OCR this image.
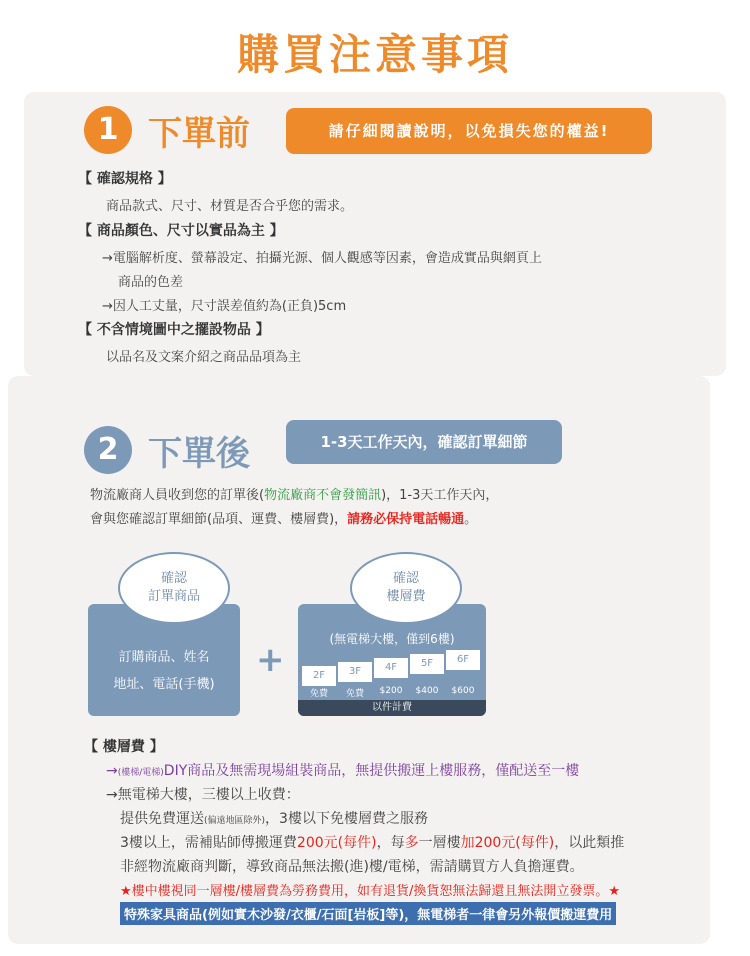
購買注意事項
1 下單前	請仔細閱讀說明，以免損失您的權益!
【 確認規格 】
商品款式、尺寸、材質是否合乎您的需求。
【 商品顏色、尺寸以實品為主 】
→電腦解析度、螢幕設定、拍攝光源、個人觀感等因素，會造成實品與網頁上
商品的色差
→因人工丈量，尺寸誤差值約為(正負)5cm
【 不含情境圖中之擺設物品 】
以品名及文案介紹之商品品項為主
2 下單後	1-3天工作天內，確認訂單細節
物流廠商人員收到您的訂單後(物流廠商不會發簡訊)，1-3天工作天內，
會與您確認訂單細節(品項、運費、樓層費)，請務必保持電話暢通。
確認
訂單商品
訂購商品、姓名
地址、電話(手機)
+
確認
樓層費
(無電梯大樓，僅到6樓)
2F	3F	4F	5F	6F
免費	免費	$200	$400	$600
以件計費
【 樓層費 】
→(樓梯/電梯)DIY商品及無需現場組裝商品，無提供搬運上樓服務，僅配送至一樓
→無電梯大樓，三樓以上收費：
提供免費運送(偏遠地區除外)，3樓以下免樓層費之服務
3樓以上，需補貼師傅搬運費200元(每件)，每多一層樓加200元(每件)，以此類推
非經物流廠商判斷，導致商品無法搬(進)樓/電梯，需請購買方人負擔運費。
★樓中樓視同一層樓/樓層費為勞務費用，如有退貨/換貨恕無法歸還且無法開立發票。★
特殊家具商品(例如實木沙發/衣櫃/石面[岩板]等)，無電梯者一律會另外報價搬運費用
